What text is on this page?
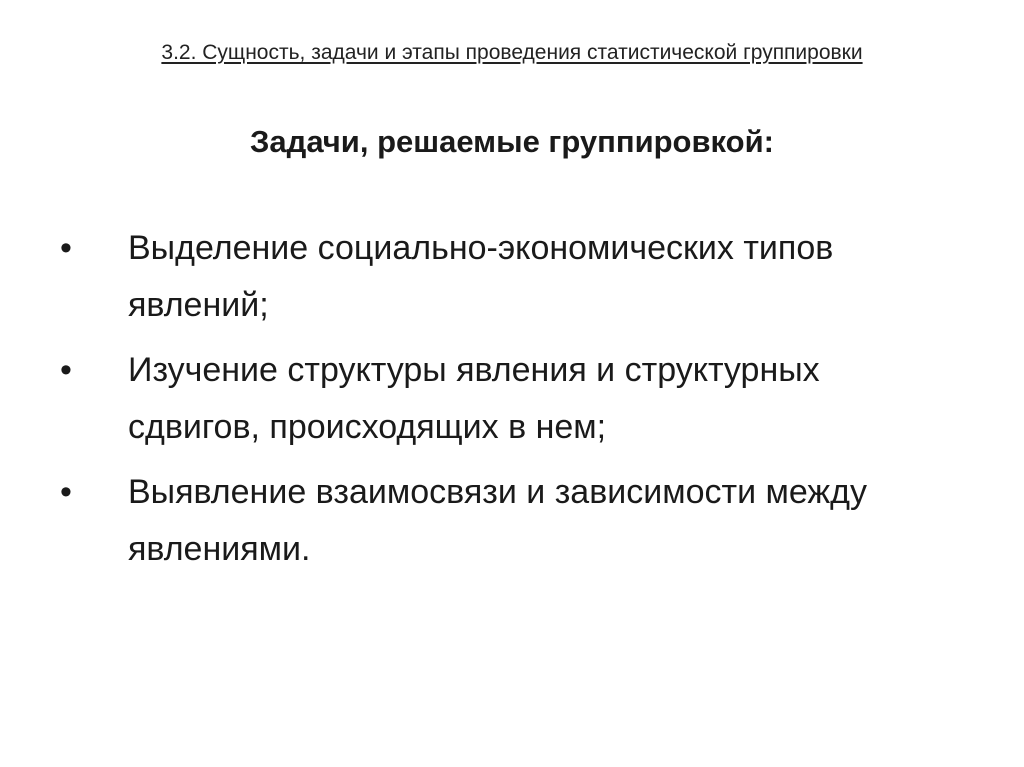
3.2. Сущность, задачи и этапы проведения статистической группировки
Задачи, решаемые группировкой:
• Выделение социально-экономических типов явлений;
• Изучение структуры явления и структурных сдвигов, происходящих в нем;
• Выявление взаимосвязи и зависимости между явлениями.
